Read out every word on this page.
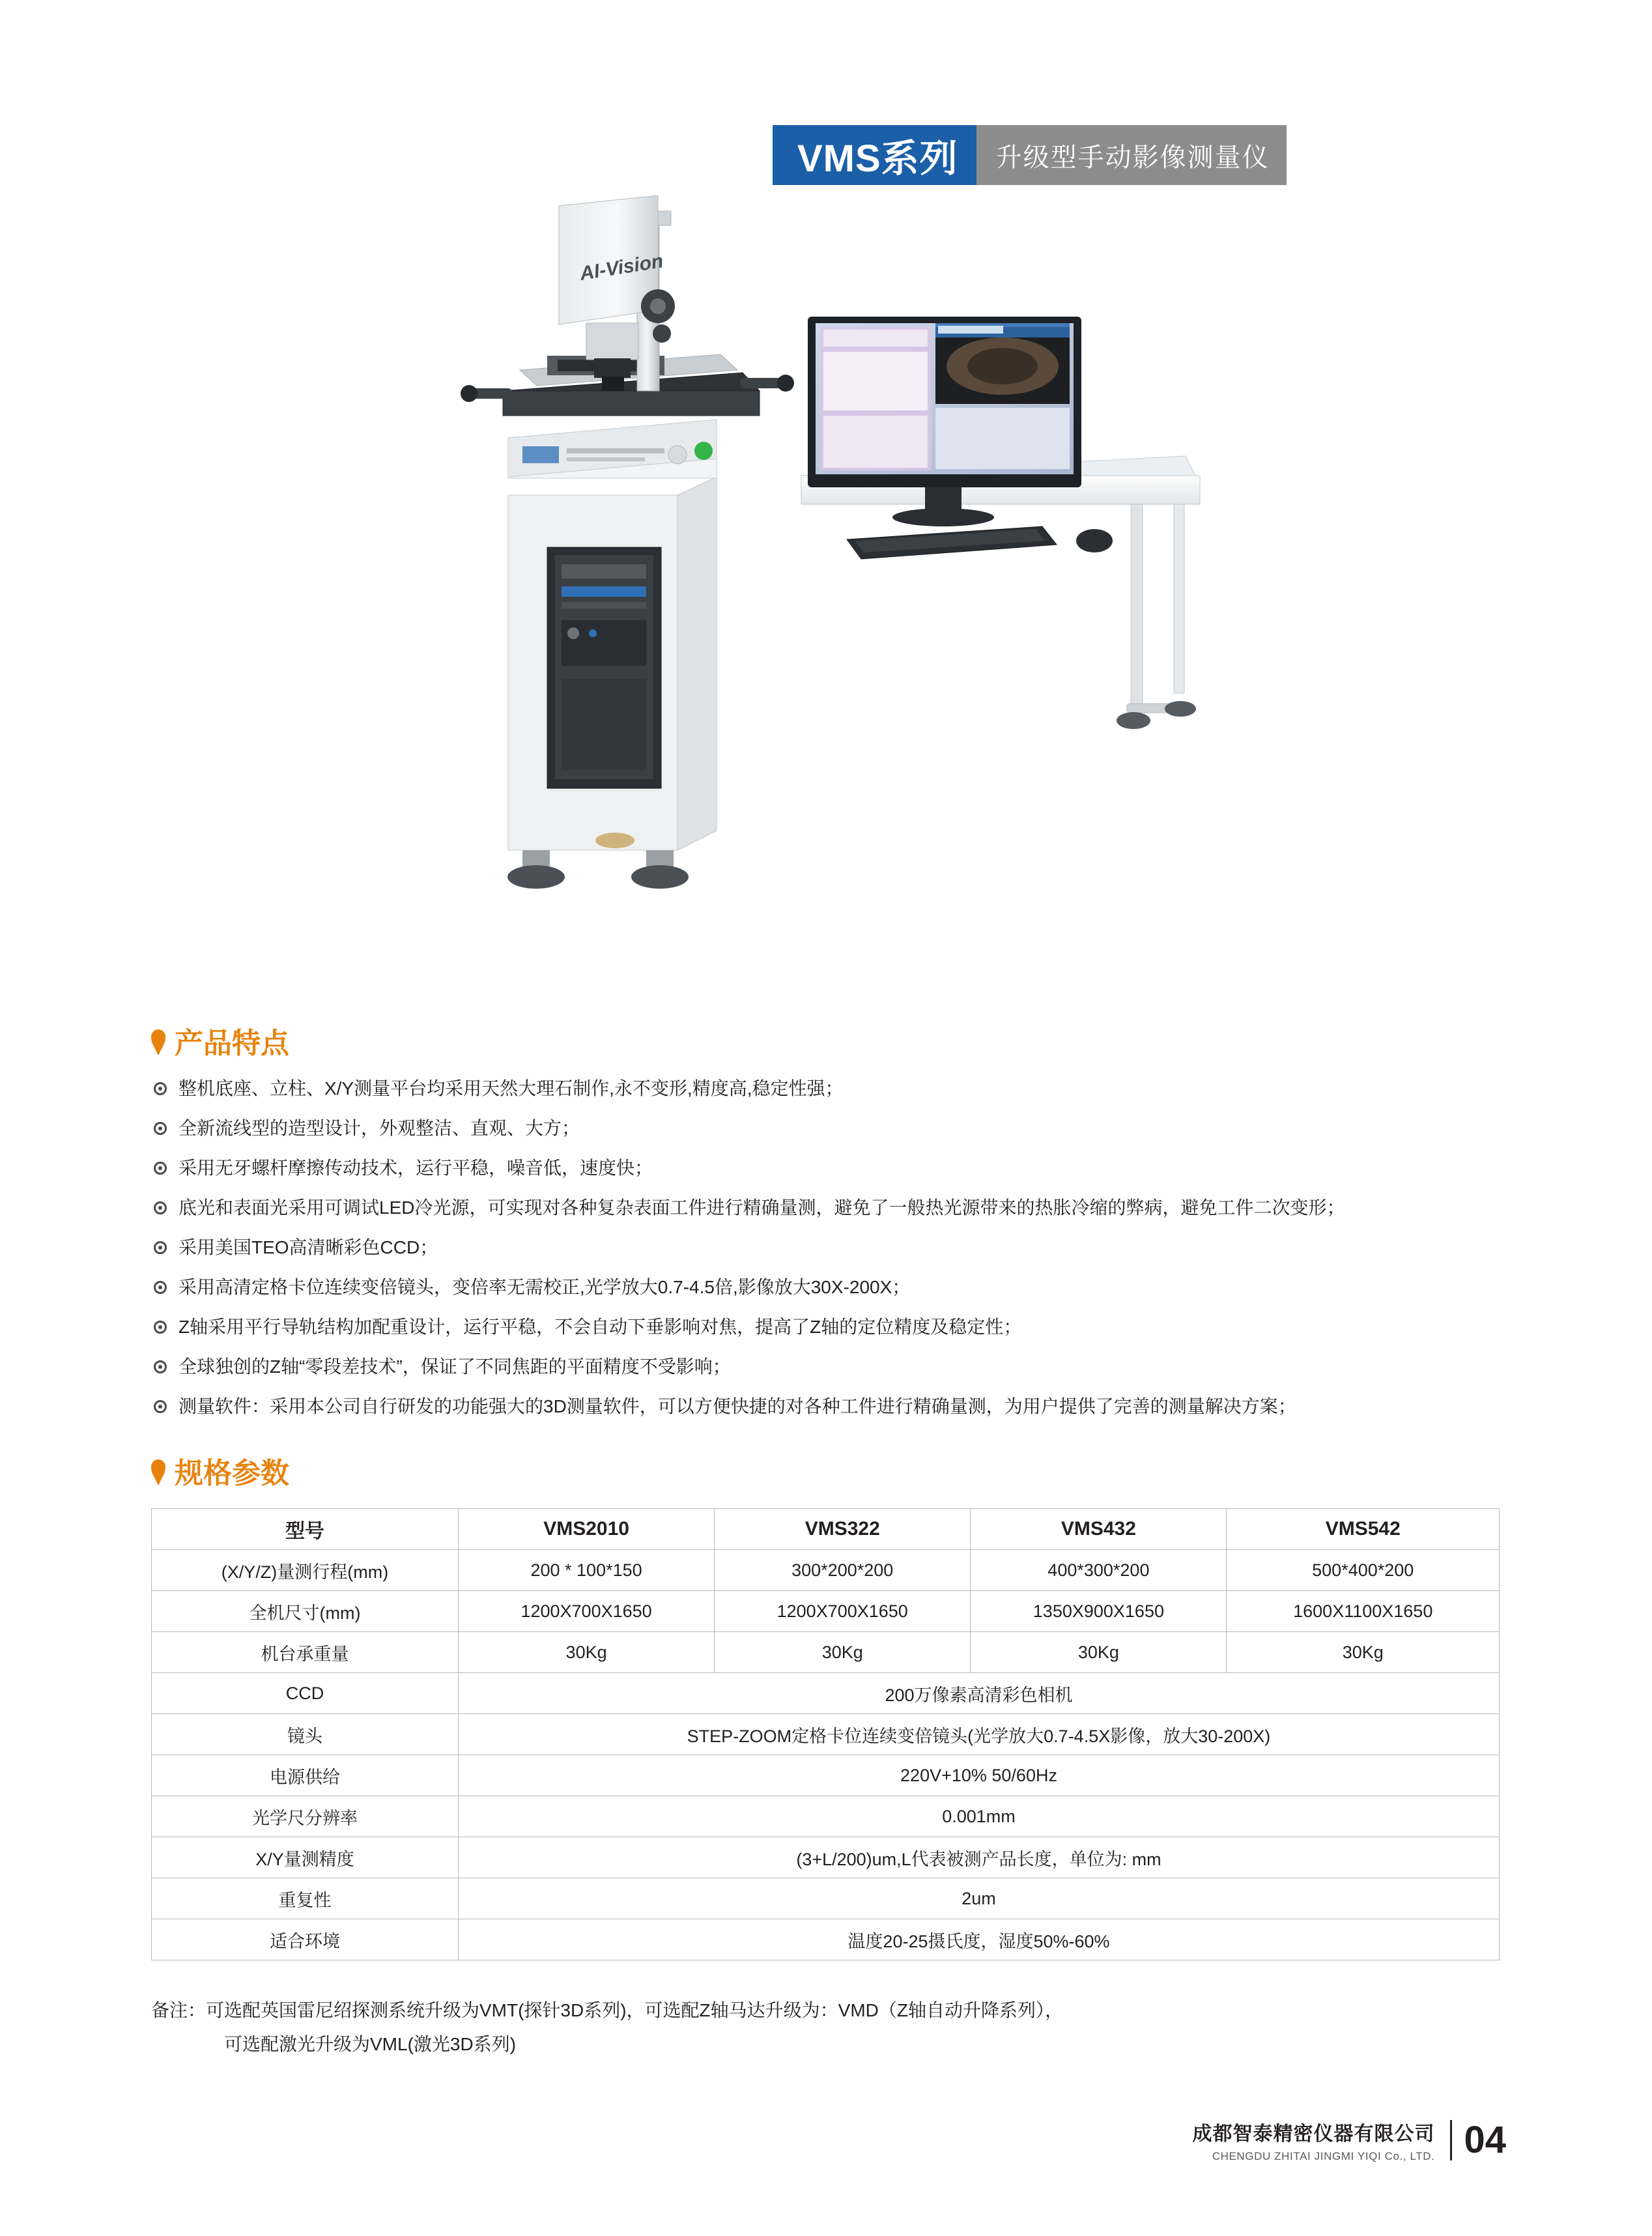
VMS系列	升级型手动影像测量仪
AI-Vision
产品特点
整机底座、立柱、X/Y测量平台均采用天然大理石制作,永不变形,精度高,稳定性强；
全新流线型的造型设计，外观整洁、直观、大方；
采用无牙螺杆摩擦传动技术，运行平稳，噪音低，速度快；
底光和表面光采用可调试LED冷光源，可实现对各种复杂表面工件进行精确量测，避免了一般热光源带来的热胀冷缩的弊病，避免工件二次变形；
采用美国TEO高清晰彩色CCD；
采用高清定格卡位连续变倍镜头，变倍率无需校正,光学放大0.7-4.5倍,影像放大30X-200X；
Z轴采用平行导轨结构加配重设计，运行平稳，不会自动下垂影响对焦，提高了Z轴的定位精度及稳定性；
全球独创的Z轴“零段差技术”，保证了不同焦距的平面精度不受影响；
测量软件：采用本公司自行研发的功能强大的3D测量软件，可以方便快捷的对各种工件进行精确量测，为用户提供了完善的测量解决方案；
规格参数
型号	VMS2010	VMS322	VMS432	VMS542
(X/Y/Z)量测行程(mm)	200 * 100*150	300*200*200	400*300*200	500*400*200
全机尺寸(mm)	1200X700X1650	1200X700X1650	1350X900X1650	1600X1100X1650
机台承重量	30Kg	30Kg	30Kg	30Kg
CCD	200万像素高清彩色相机			
镜头	STEP-ZOOM定格卡位连续变倍镜头(光学放大0.7-4.5X影像，放大30-200X)			
电源供给	220V+10% 50/60Hz			
光学尺分辨率	0.001mm			
X/Y量测精度	(3+L/200)um,L代表被测产品长度，单位为: mm			
重复性	2um			
适合环境	温度20-25摄氏度，湿度50%-60%			
备注：可选配英国雷尼绍探测系统升级为VMT(探针3D系列)，可选配Z轴马达升级为：VMD（Z轴自动升降系列），
可选配激光升级为VML(激光3D系列)
成都智泰精密仪器有限公司
CHENGDU ZHITAI JINGMI YIQI Co., LTD. 04
